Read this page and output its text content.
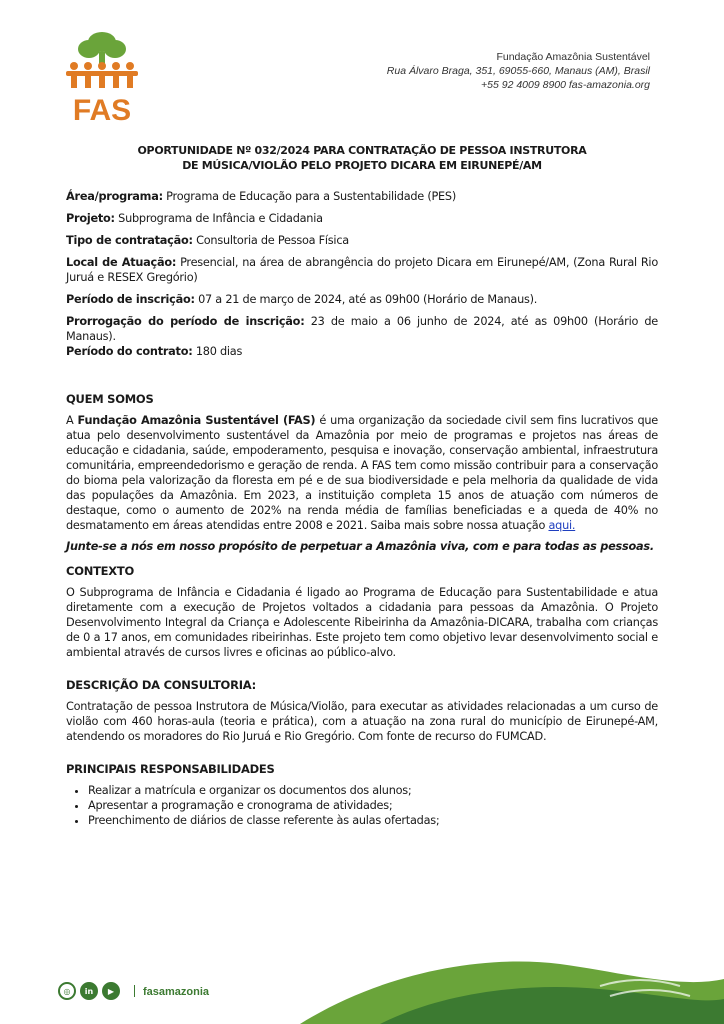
FAS
Fundação Amazônia Sustentável
Rua Álvaro Braga, 351, 69055-660, Manaus (AM), Brasil
+55 92 4009 8900 fas-amazonia.org
OPORTUNIDADE Nº 032/2024 PARA CONTRATAÇÃO DE PESSOA INSTRUTORA
DE MÚSICA/VIOLÃO PELO PROJETO DICARA EM EIRUNEPÉ/AM

Área/programa: Programa de Educação para a Sustentabilidade (PES)

Projeto: Subprograma de Infância e Cidadania

Tipo de contratação: Consultoria de Pessoa Física

Local de Atuação: Presencial, na área de abrangência do projeto Dicara em Eirunepé/AM, (Zona Rural Rio Juruá e RESEX Gregório)

Período de inscrição: 07 a 21 de março de 2024, até as 09h00 (Horário de Manaus).

Prorrogação do período de inscrição: 23 de maio a 06 junho de 2024, até as 09h00 (Horário de Manaus).

Período do contrato: 180 dias

QUEM SOMOS

A Fundação Amazônia Sustentável (FAS) é uma organização da sociedade civil sem fins lucrativos que atua pelo desenvolvimento sustentável da Amazônia por meio de programas e projetos nas áreas de educação e cidadania, saúde, empoderamento, pesquisa e inovação, conservação ambiental, infraestrutura comunitária, empreendedorismo e geração de renda. A FAS tem como missão contribuir para a conservação do bioma pela valorização da floresta em pé e de sua biodiversidade e pela melhoria da qualidade de vida das populações da Amazônia. Em 2023, a instituição completa 15 anos de atuação com números de destaque, como o aumento de 202% na renda média de famílias beneficiadas e a queda de 40% no desmatamento em áreas atendidas entre 2008 e 2021. Saiba mais sobre nossa atuação aqui.

Junte-se a nós em nosso propósito de perpetuar a Amazônia viva, com e para todas as pessoas.

CONTEXTO

O Subprograma de Infância e Cidadania é ligado ao Programa de Educação para Sustentabilidade e atua diretamente com a execução de Projetos voltados a cidadania para pessoas da Amazônia. O Projeto Desenvolvimento Integral da Criança e Adolescente Ribeirinha da Amazônia-DICARA, trabalha com crianças de 0 a 17 anos, em comunidades ribeirinhas. Este projeto tem como objetivo levar desenvolvimento social e ambiental através de cursos livres e oficinas ao público-alvo.

DESCRIÇÃO DA CONSULTORIA:

Contratação de pessoa Instrutora de Música/Violão, para executar as atividades relacionadas a um curso de violão com 460 horas-aula (teoria e prática), com a atuação na zona rural do município de Eirunepé-AM, atendendo os moradores do Rio Juruá e Rio Gregório. Com fonte de recurso do FUMCAD.

PRINCIPAIS RESPONSABILIDADES
• Realizar a matrícula e organizar os documentos dos alunos;
• Apresentar a programação e cronograma de atividades;
• Preenchimento de diários de classe referente às aulas ofertadas;
◎	in	▶	fasamazonia
